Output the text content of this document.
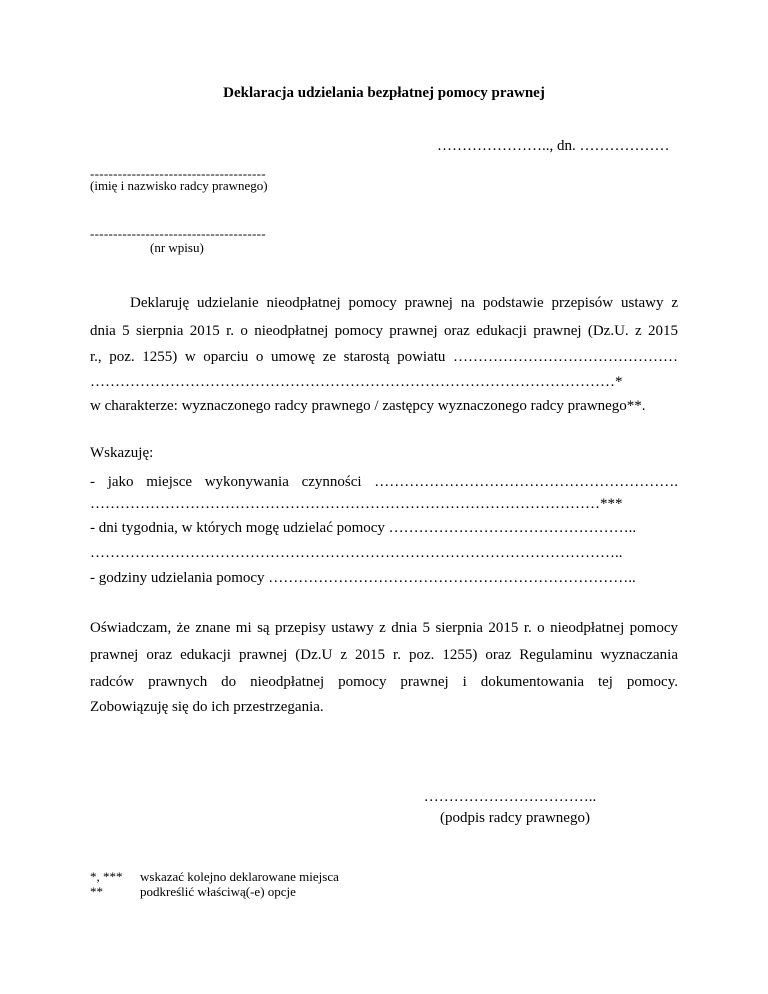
Deklaracja udzielania bezpłatnej pomocy prawnej
………………….., dn. ………………
--------------------------------------
(imię i nazwisko radcy prawnego)
--------------------------------------
(nr wpisu)
Deklaruję udzielanie nieodpłatnej pomocy prawnej na podstawie przepisów ustawy z
dnia 5 sierpnia 2015 r. o nieodpłatnej pomocy prawnej oraz edukacji prawnej (Dz.U. z 2015
r., poz. 1255) w oparciu o umowę ze starostą powiatu ………………………………………
……………………………………………………………………………………………*
w charakterze: wyznaczonego radcy prawnego / zastępcy wyznaczonego radcy prawnego**.
Wskazuję:
- jako miejsce wykonywania czynności …………………………………………………….
…………………………………………………………………………………………***
- dni tygodnia, w których mogę udzielać pomocy …………………………………………..
……………………………………………………………………………………………..
- godziny udzielania pomocy ………………………………………………………………..
Oświadczam, że znane mi są przepisy ustawy z dnia 5 sierpnia 2015 r. o nieodpłatnej pomocy
prawnej oraz edukacji prawnej (Dz.U z 2015 r. poz. 1255) oraz Regulaminu wyznaczania
radców prawnych do nieodpłatnej pomocy prawnej i dokumentowania tej pomocy.
Zobowiązuję się do ich przestrzegania.
……………………………..
(podpis radcy prawnego)
*, *** wskazać kolejno deklarowane miejsca
**	podkreślić właściwą(-e) opcje
